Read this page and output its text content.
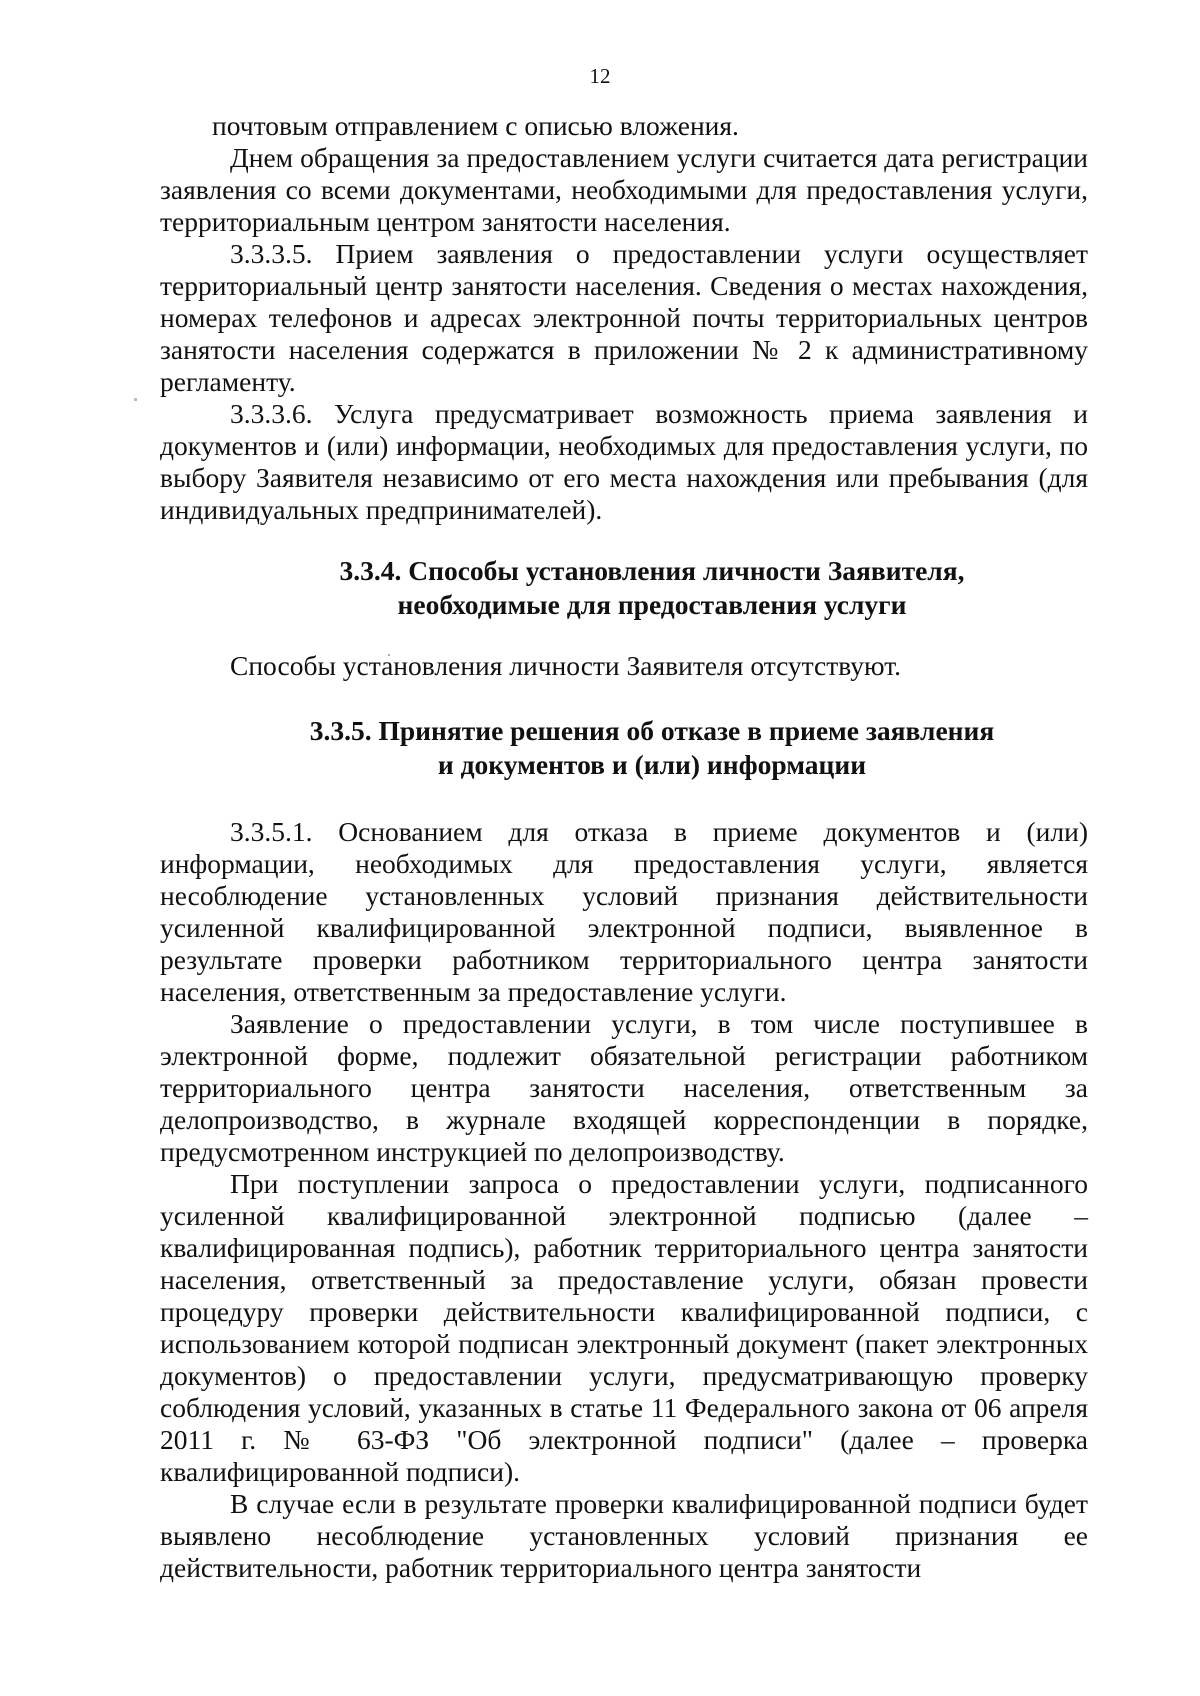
12

почтовым отправлением с описью вложения.

Днем обращения за предоставлением услуги считается дата регистрации заявления со всеми документами, необходимыми для предоставления услуги, территориальным центром занятости населения.

3.3.3.5. Прием заявления о предоставлении услуги осуществляет территориальный центр занятости населения. Сведения о местах нахождения, номерах телефонов и адресах электронной почты территориальных центров занятости населения содержатся в приложении № 2 к административному регламенту.

3.3.3.6. Услуга предусматривает возможность приема заявления и документов и (или) информации, необходимых для предоставления услуги, по выбору Заявителя независимо от его места нахождения или пребывания (для индивидуальных предпринимателей).

3.3.4. Способы установления личности Заявителя,
необходимые для предоставления услуги

Способы установления личности Заявителя отсутствуют.

3.3.5. Принятие решения об отказе в приеме заявления
и документов и (или) информации

3.3.5.1. Основанием для отказа в приеме документов и (или) информации, необходимых для предоставления услуги, является несоблюдение установленных условий признания действительности усиленной квалифицированной электронной подписи, выявленное в результате проверки работником территориального центра занятости населения, ответственным за предоставление услуги.

Заявление о предоставлении услуги, в том числе поступившее в электронной форме, подлежит обязательной регистрации работником территориального центра занятости населения, ответственным за делопроизводство, в журнале входящей корреспонденции в порядке, предусмотренном инструкцией по делопроизводству.

При поступлении запроса о предоставлении услуги, подписанного усиленной квалифицированной электронной подписью (далее – квалифицированная подпись), работник территориального центра занятости населения, ответственный за предоставление услуги, обязан провести процедуру проверки действительности квалифицированной подписи, с использованием которой подписан электронный документ (пакет электронных документов) о предоставлении услуги, предусматривающую проверку соблюдения условий, указанных в статье 11 Федерального закона от 06 апреля 2011 г. № 63-ФЗ "Об электронной подписи" (далее – проверка квалифицированной подписи).

В случае если в результате проверки квалифицированной подписи будет выявлено несоблюдение установленных условий признания ее действительности, работник территориального центра занятости
